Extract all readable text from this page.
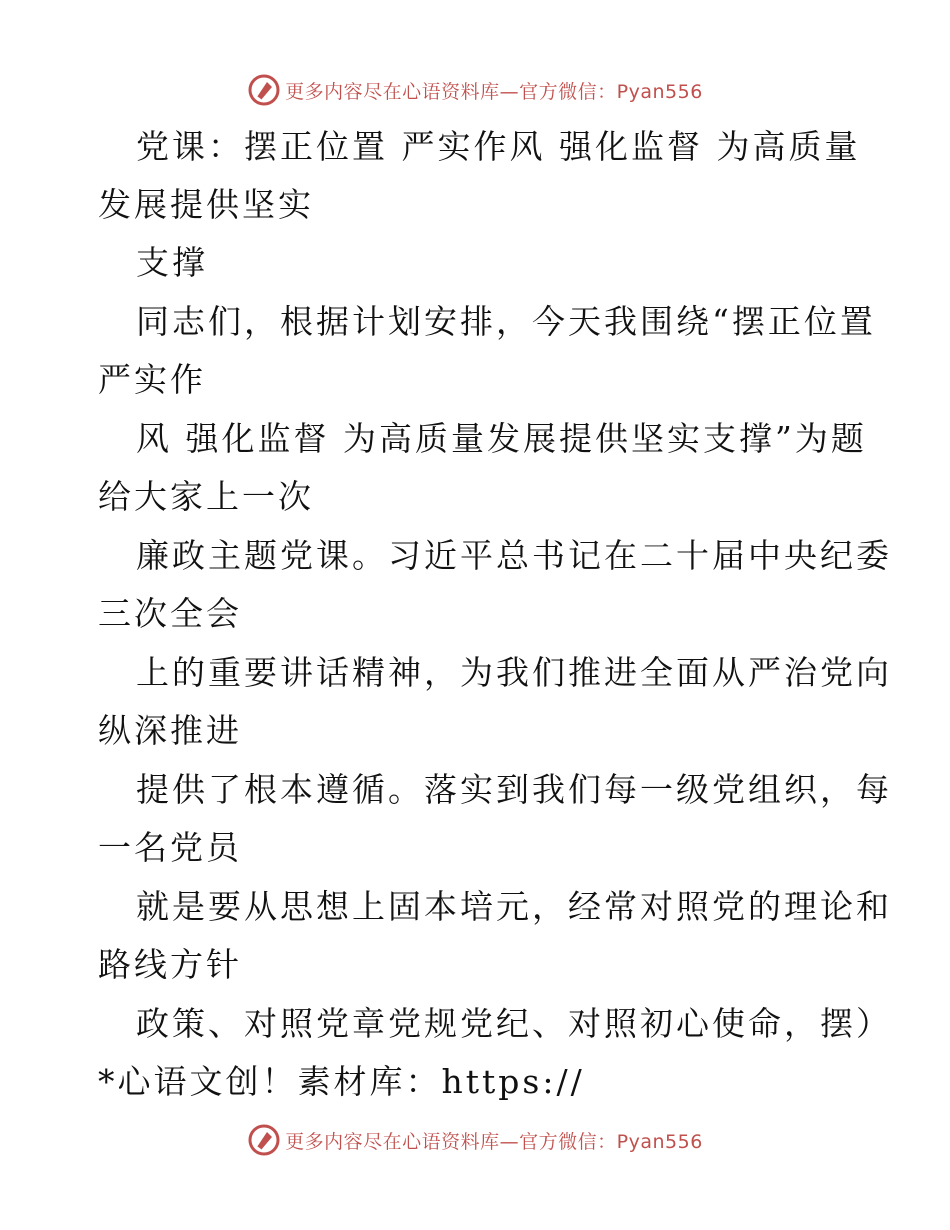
更多内容尽在心语资料库—官方微信：Pyan556
党课：摆正位置 严实作风 强化监督 为高质量
发展提供坚实
支撑
同志们，根据计划安排，今天我围绕“摆正位置
严实作
风 强化监督 为高质量发展提供坚实支撑”为题
给大家上一次
廉政主题党课。习近平总书记在二十届中央纪委
三次全会
上的重要讲话精神，为我们推进全面从严治党向
纵深推进
提供了根本遵循。落实到我们每一级党组织，每
一名党员
就是要从思想上固本培元，经常对照党的理论和
路线方针
政策、对照党章党规党纪、对照初心使命，摆）
*心语文创！素材库：https://
更多内容尽在心语资料库—官方微信：Pyan556
